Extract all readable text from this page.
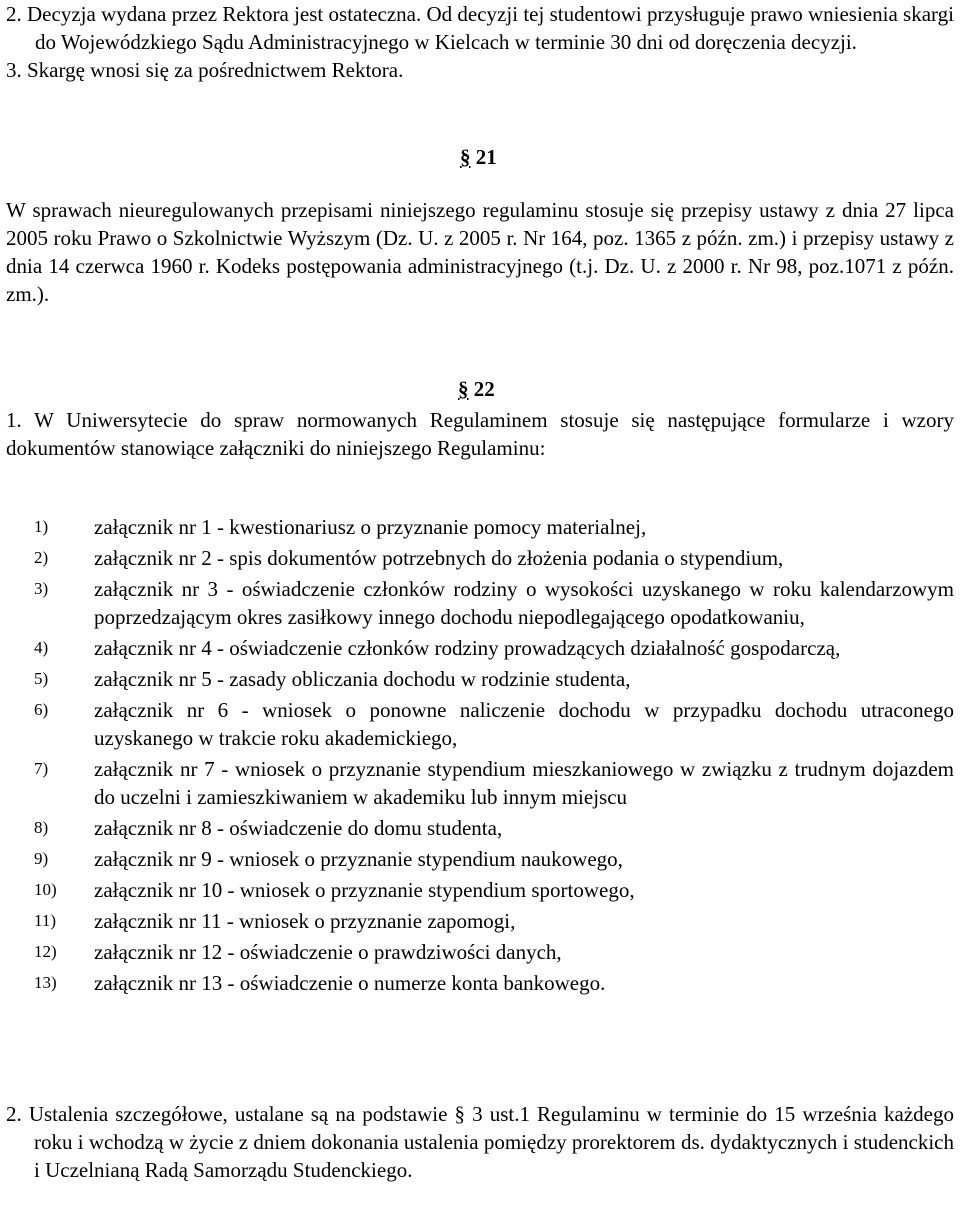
2. Decyzja wydana przez Rektora jest ostateczna. Od decyzji tej studentowi przysługuje prawo wniesienia skargi do Wojewódzkiego Sądu Administracyjnego w Kielcach w terminie 30 dni od doręczenia decyzji.

3. Skargę wnosi się za pośrednictwem Rektora.

§ 21

W sprawach nieuregulowanych przepisami niniejszego regulaminu stosuje się przepisy ustawy z dnia 27 lipca 2005 roku Prawo o Szkolnictwie Wyższym (Dz. U. z 2005 r. Nr 164, poz. 1365 z późn. zm.) i przepisy ustawy z dnia 14 czerwca 1960 r. Kodeks postępowania administracyjnego (t.j. Dz. U. z 2000 r. Nr 98, poz.1071 z późn. zm.).

§ 22

1. W Uniwersytecie do spraw normowanych Regulaminem stosuje się następujące formularze i wzory dokumentów stanowiące załączniki do niniejszego Regulaminu:

1)	załącznik nr 1 - kwestionariusz o przyznanie pomocy materialnej,
2)	załącznik nr 2 - spis dokumentów potrzebnych do złożenia podania o stypendium,
3)	załącznik nr 3 - oświadczenie członków rodziny o wysokości uzyskanego w roku kalendarzowym poprzedzającym okres zasiłkowy innego dochodu niepodlegającego opodatkowaniu,
4)	załącznik nr 4 - oświadczenie członków rodziny prowadzących działalność gospodarczą,
5)	załącznik nr 5 - zasady obliczania dochodu w rodzinie studenta,
6)	załącznik nr 6 - wniosek o ponowne naliczenie dochodu w przypadku dochodu utraconego uzyskanego w trakcie roku akademickiego,
7)	załącznik nr 7 - wniosek o przyznanie stypendium mieszkaniowego w związku z trudnym dojazdem do uczelni i zamieszkiwaniem w akademiku lub innym miejscu
8)	załącznik nr 8 - oświadczenie do domu studenta,
9)	załącznik nr 9 - wniosek o przyznanie stypendium naukowego,
10)	załącznik nr 10 - wniosek o przyznanie stypendium sportowego,
11)	załącznik nr 11 - wniosek o przyznanie zapomogi,
12)	załącznik nr 12 - oświadczenie o prawdziwości danych,
13)	załącznik nr 13 - oświadczenie o numerze konta bankowego.

2. Ustalenia szczegółowe, ustalane są na podstawie § 3 ust.1 Regulaminu w terminie do 15 września każdego roku i wchodzą w życie z dniem dokonania ustalenia pomiędzy prorektorem ds. dydaktycznych i studenckich i Uczelnianą Radą Samorządu Studenckiego.
